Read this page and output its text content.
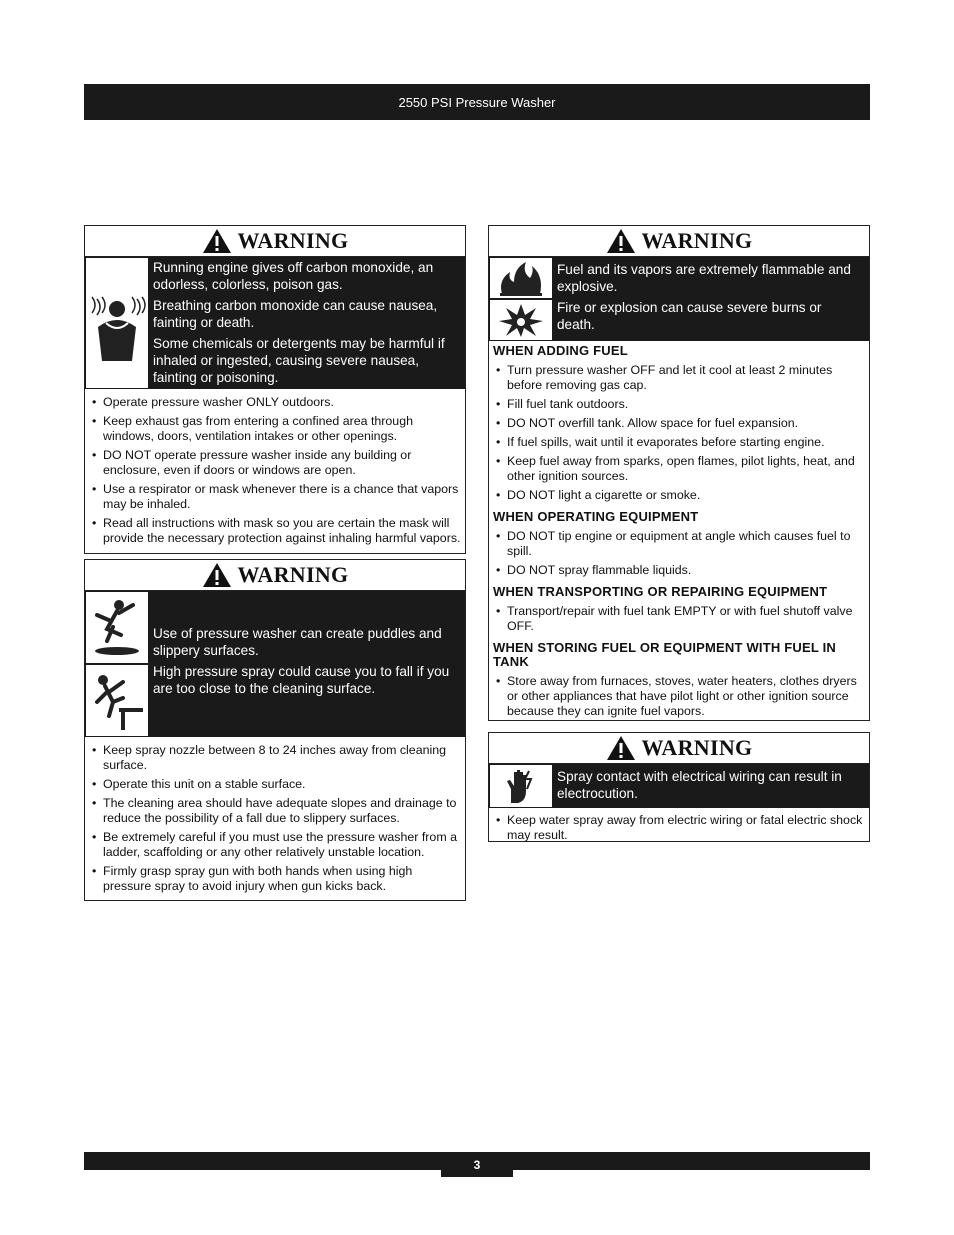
2550 PSI Pressure Washer
WARNING

Running engine gives off carbon monoxide, an odorless, colorless, poison gas.

Breathing carbon monoxide can cause nausea, fainting or death.

Some chemicals or detergents may be harmful if inhaled or ingested, causing severe nausea, fainting or poisoning.

• Operate pressure washer ONLY outdoors.
• Keep exhaust gas from entering a confined area through windows, doors, ventilation intakes or other openings.
• DO NOT operate pressure washer inside any building or enclosure, even if doors or windows are open.
• Use a respirator or mask whenever there is a chance that vapors may be inhaled.
• Read all instructions with mask so you are certain the mask will provide the necessary protection against inhaling harmful vapors.
WARNING

Use of pressure washer can create puddles and slippery surfaces.

High pressure spray could cause you to fall if you are too close to the cleaning surface.

• Keep spray nozzle between 8 to 24 inches away from cleaning surface.
• Operate this unit on a stable surface.
• The cleaning area should have adequate slopes and drainage to reduce the possibility of a fall due to slippery surfaces.
• Be extremely careful if you must use the pressure washer from a ladder, scaffolding or any other relatively unstable location.
• Firmly grasp spray gun with both hands when using high pressure spray to avoid injury when gun kicks back.
WARNING

Fuel and its vapors are extremely flammable and explosive.

Fire or explosion can cause severe burns or death.

WHEN ADDING FUEL
• Turn pressure washer OFF and let it cool at least 2 minutes before removing gas cap.
• Fill fuel tank outdoors.
• DO NOT overfill tank. Allow space for fuel expansion.
• If fuel spills, wait until it evaporates before starting engine.
• Keep fuel away from sparks, open flames, pilot lights, heat, and other ignition sources.
• DO NOT light a cigarette or smoke.
WHEN OPERATING EQUIPMENT
• DO NOT tip engine or equipment at angle which causes fuel to spill.
• DO NOT spray flammable liquids.
WHEN TRANSPORTING OR REPAIRING EQUIPMENT
• Transport/repair with fuel tank EMPTY or with fuel shutoff valve OFF.
WHEN STORING FUEL OR EQUIPMENT WITH FUEL IN TANK
• Store away from furnaces, stoves, water heaters, clothes dryers or other appliances that have pilot light or other ignition source because they can ignite fuel vapors.
WARNING

Spray contact with electrical wiring can result in electrocution.

• Keep water spray away from electric wiring or fatal electric shock may result.
3
